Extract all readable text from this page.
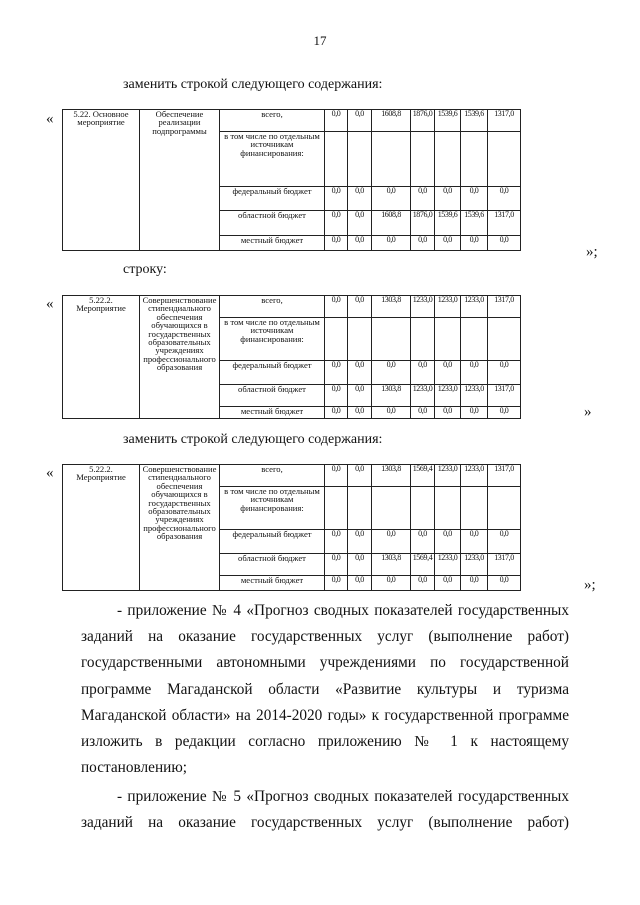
17
заменить строкой следующего содержания:
« 5.22. Основное мероприятие	Обеспечение реализации подпрограммы	всего,	0,0	0,0	1608,8	1876,0	1539,6	1539,6	1317,0
		в том числе по отдельным источникам финансирования:							
		федеральный бюджет	0,0	0,0	0,0	0,0	0,0	0,0	0,0
		областной бюджет	0,0	0,0	1608,8	1876,0	1539,6	1539,6	1317,0
		местный бюджет	0,0	0,0	0,0	0,0	0,0	0,0	0,0
»;
строку:
«	5.22.2. Мероприятие	Совершенствование стипендиального обеспечения обучающихся в государственных образовательных учреждениях профессионального образования	всего,	0,0	0,0	1303,8	1233,0	1233,0	1233,0	1317,0
		в том числе по отдельным источникам финансирования:							
		федеральный бюджет	0,0	0,0	0,0	0,0	0,0	0,0	0,0
		областной бюджет	0,0	0,0	1303,8	1233,0	1233,0	1233,0	1317,0
		местный бюджет	0,0	0,0	0,0	0,0	0,0	0,0	0,0	»
заменить строкой следующего содержания:
«	5.22.2. Мероприятие	Совершенствование стипендиального обеспечения обучающихся в государственных образовательных учреждениях профессионального образования	всего,	0,0	0,0	1303,8	1569,4	1233,0	1233,0	1317,0
		в том числе по отдельным источникам финансирования:							
		федеральный бюджет	0,0	0,0	0,0	0,0	0,0	0,0	0,0
		областной бюджет	0,0	0,0	1303,8	1569,4	1233,0	1233,0	1317,0
		местный бюджет	0,0	0,0	0,0	0,0	0,0	0,0	0,0	»;
- приложение № 4 «Прогноз сводных показателей государственных
заданий на оказание государственных услуг (выполнение работ)
государственными автономными учреждениями по государственной
программе Магаданской области «Развитие культуры и туризма
Магаданской области» на 2014-2020 годы» к государственной программе
изложить в редакции согласно приложению № 1 к настоящему
постановлению;
- приложение № 5 «Прогноз сводных показателей государственных
заданий на оказание государственных услуг (выполнение работ)
